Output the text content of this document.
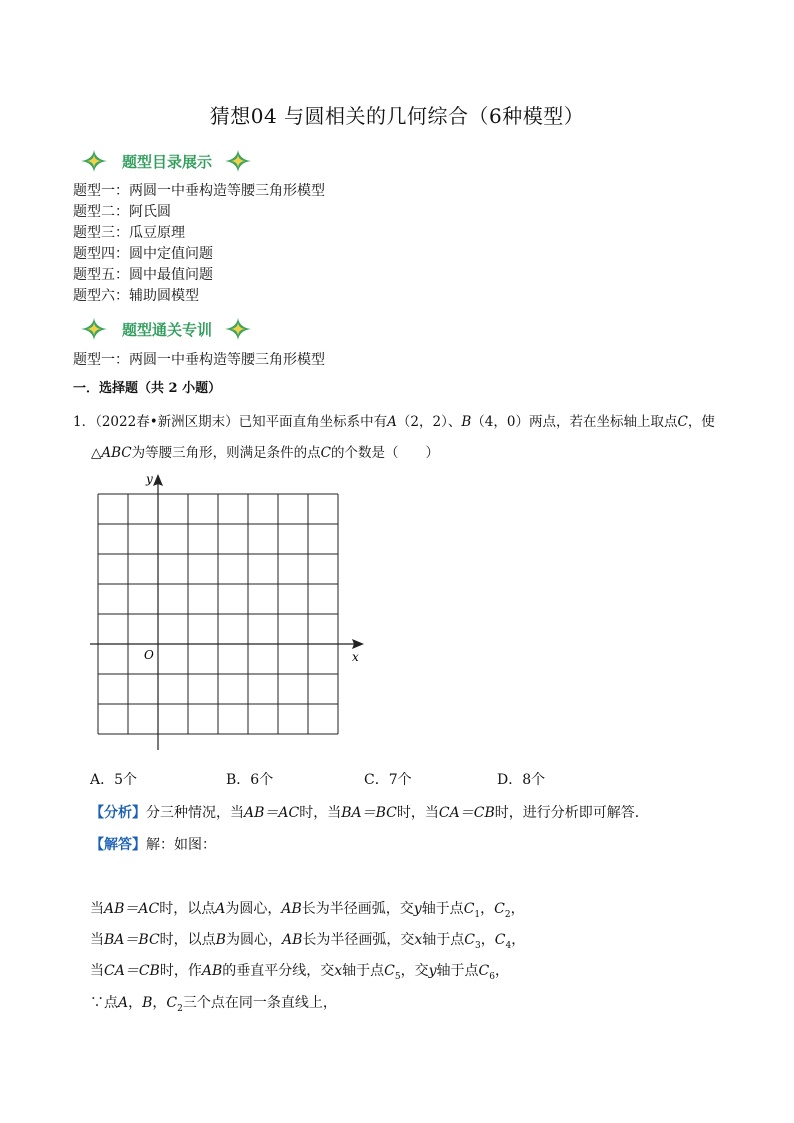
猜想04 与圆相关的几何综合（6种模型）
题型目录展示
题型一：两圆一中垂构造等腰三角形模型
题型二：阿氏圆
题型三：瓜豆原理
题型四：圆中定值问题
题型五：圆中最值问题
题型六：辅助圆模型
题型通关专训
题型一：两圆一中垂构造等腰三角形模型
一．选择题（共 2 小题）
1．（2022春•新洲区期末）已知平面直角坐标系中有A（2，2）、B（4，0）两点，若在坐标轴上取点C，使
△ABC为等腰三角形，则满足条件的点C的个数是（　　）
y
x
O
A．5个	B．6个	C．7个	D．8个
【分析】分三种情况，当AB＝AC时，当BA＝BC时，当CA＝CB时，进行分析即可解答．
【解答】解：如图：
当AB＝AC时，以点A为圆心，AB长为半径画弧，交y轴于点$C_1$，$C_2$，
当BA＝BC时，以点B为圆心，AB长为半径画弧，交x轴于点$C_3$，$C_4$，
当CA＝CB时，作AB的垂直平分线，交x轴于点$C_5$，交y轴于点$C_6$，
∵点A，B，$C_2$三个点在同一条直线上，
